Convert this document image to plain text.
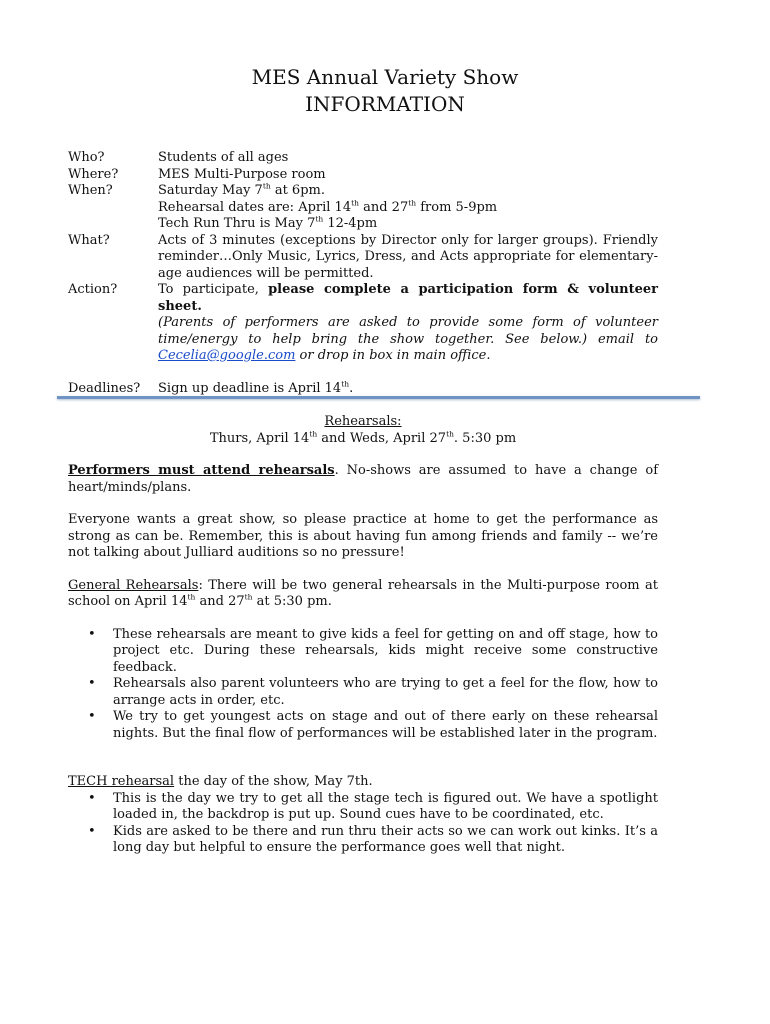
MES Annual Variety Show
INFORMATION
Who?	Students of all ages
Where?	MES Multi-Purpose room
When?	Saturday May 7th at 6pm.
Rehearsal dates are: April 14th and 27th from 5-9pm
Tech Run Thru is May 7th 12-4pm
What?	Acts of 3 minutes (exceptions by Director only for larger groups). Friendly reminder…Only Music, Lyrics, Dress, and Acts appropriate for elementary-age audiences will be permitted.
Action?	To participate, please complete a participation form & volunteer sheet.
(Parents of performers are asked to provide some form of volunteer time/energy to help bring the show together. See below.) email to Cecelia@google.com or drop in box in main office.
Deadlines?	Sign up deadline is April 14th.
Rehearsals:
Thurs, April 14th and Weds, April 27th. 5:30 pm

Performers must attend rehearsals. No-shows are assumed to have a change of heart/minds/plans.

Everyone wants a great show, so please practice at home to get the performance as strong as can be. Remember, this is about having fun among friends and family -- we’re not talking about Julliard auditions so no pressure!

General Rehearsals: There will be two general rehearsals in the Multi-purpose room at school on April 14th and 27th at 5:30 pm.

• These rehearsals are meant to give kids a feel for getting on and off stage, how to project etc. During these rehearsals, kids might receive some constructive feedback.
• Rehearsals also parent volunteers who are trying to get a feel for the flow, how to arrange acts in order, etc.
• We try to get youngest acts on stage and out of there early on these rehearsal nights. But the final flow of performances will be established later in the program.

TECH rehearsal the day of the show, May 7th.

• This is the day we try to get all the stage tech is figured out. We have a spotlight loaded in, the backdrop is put up. Sound cues have to be coordinated, etc.
• Kids are asked to be there and run thru their acts so we can work out kinks. It’s a long day but helpful to ensure the performance goes well that night.
